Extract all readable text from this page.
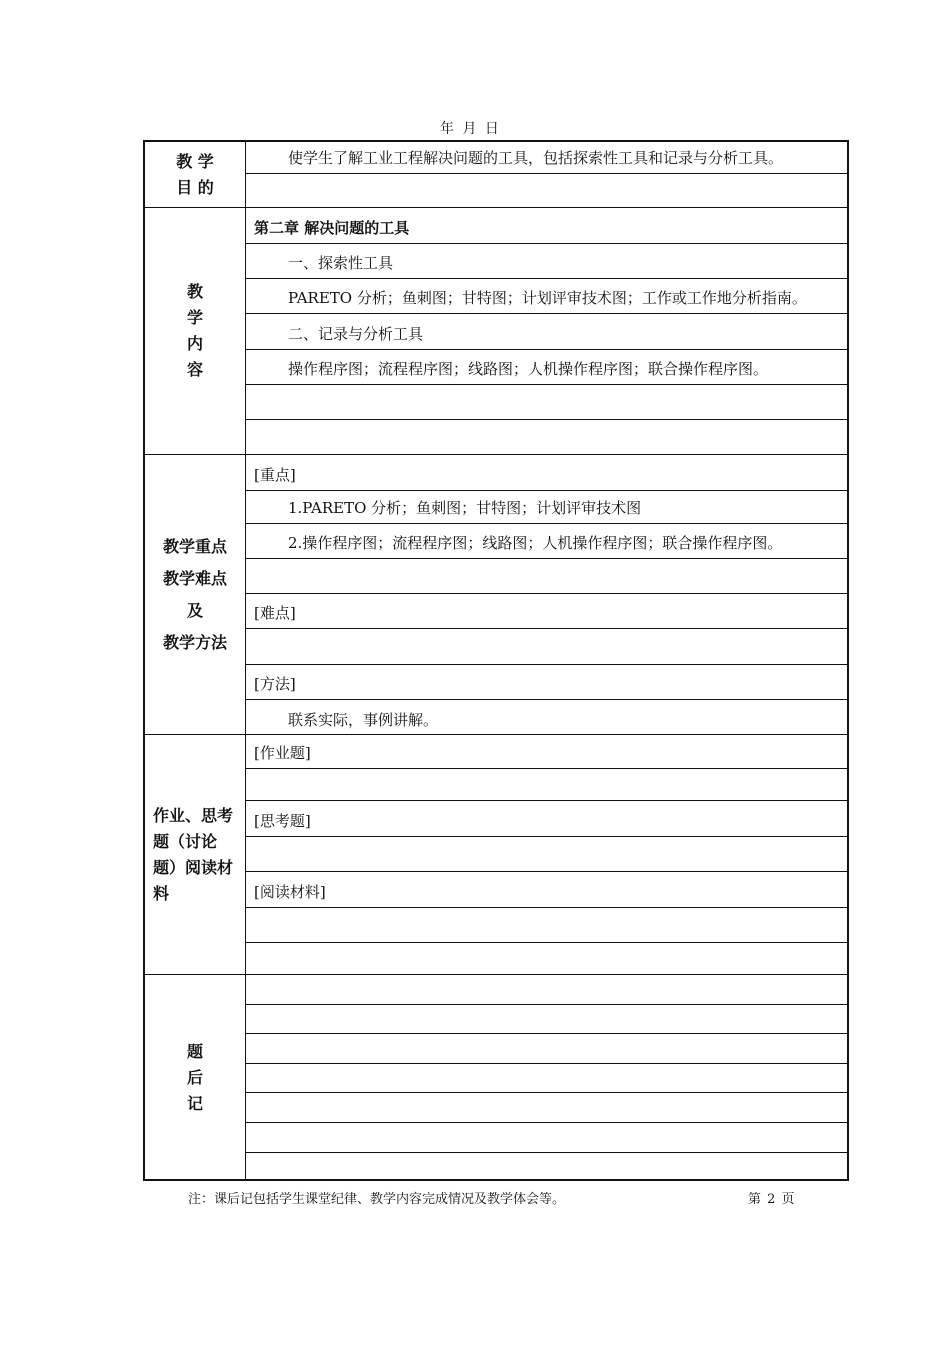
年 月 日
教 学
目 的
使学生了解工业工程解决问题的工具，包括探索性工具和记录与分析工具。
教
学
内
容
第二章 解决问题的工具
一、探索性工具
PARETO 分析；鱼刺图；甘特图；计划评审技术图；工作或工作地分析指南。
二、记录与分析工具
操作程序图；流程程序图；线路图；人机操作程序图；联合操作程序图。
教学重点
教学难点
及
教学方法
[重点]
1.PARETO 分析；鱼刺图；甘特图；计划评审技术图
2.操作程序图；流程程序图；线路图；人机操作程序图；联合操作程序图。
[难点]
[方法]
联系实际，事例讲解。
作业、思考
题（讨论
题）阅读材
料
[作业题]
[思考题]
[阅读材料]
题
后
记
注：课后记包括学生课堂纪律、教学内容完成情况及教学体会等。	第 2 页
